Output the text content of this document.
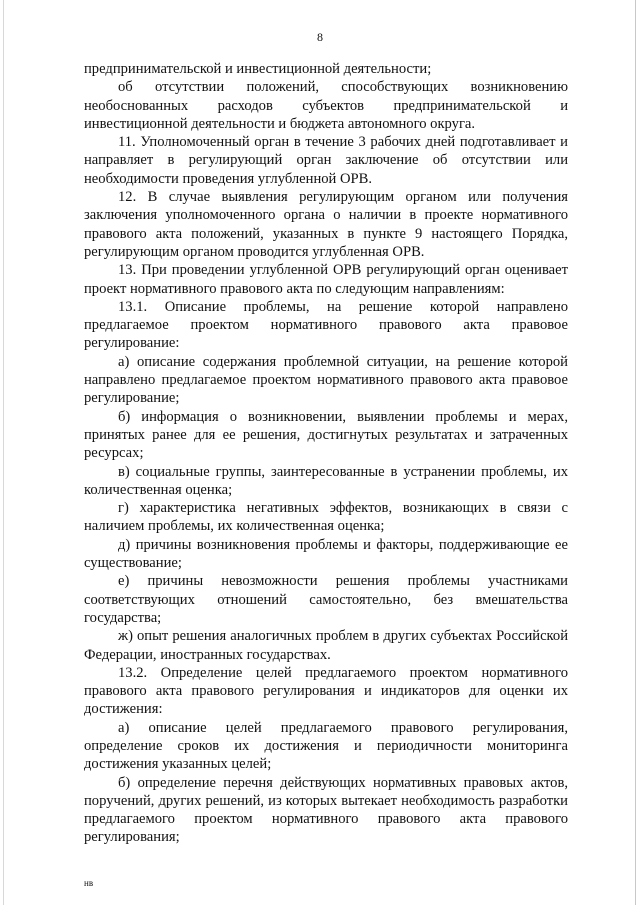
8

предпринимательской и инвестиционной деятельности;

об отсутствии положений, способствующих возникновению необоснованных расходов субъектов предпринимательской и инвестиционной деятельности и бюджета автономного округа.

11. Уполномоченный орган в течение 3 рабочих дней подготавливает и направляет в регулирующий орган заключение об отсутствии или необходимости проведения углубленной ОРВ.

12. В случае выявления регулирующим органом или получения заключения уполномоченного органа о наличии в проекте нормативного правового акта положений, указанных в пункте 9 настоящего Порядка, регулирующим органом проводится углубленная ОРВ.

13. При проведении углубленной ОРВ регулирующий орган оценивает проект нормативного правового акта по следующим направлениям:

13.1. Описание проблемы, на решение которой направлено предлагаемое проектом нормативного правового акта правовое регулирование:

а) описание содержания проблемной ситуации, на решение которой направлено предлагаемое проектом нормативного правового акта правовое регулирование;

б) информация о возникновении, выявлении проблемы и мерах, принятых ранее для ее решения, достигнутых результатах и затраченных ресурсах;

в) социальные группы, заинтересованные в устранении проблемы, их количественная оценка;

г) характеристика негативных эффектов, возникающих в связи с наличием проблемы, их количественная оценка;

д) причины возникновения проблемы и факторы, поддерживающие ее существование;

е) причины невозможности решения проблемы участниками соответствующих отношений самостоятельно, без вмешательства государства;

ж) опыт решения аналогичных проблем в других субъектах Российской Федерации, иностранных государствах.

13.2. Определение целей предлагаемого проектом нормативного правового акта правового регулирования и индикаторов для оценки их достижения:

а) описание целей предлагаемого правового регулирования, определение сроков их достижения и периодичности мониторинга достижения указанных целей;

б) определение перечня действующих нормативных правовых актов, поручений, других решений, из которых вытекает необходимость разработки предлагаемого проектом нормативного правового акта правового регулирования;

нв
